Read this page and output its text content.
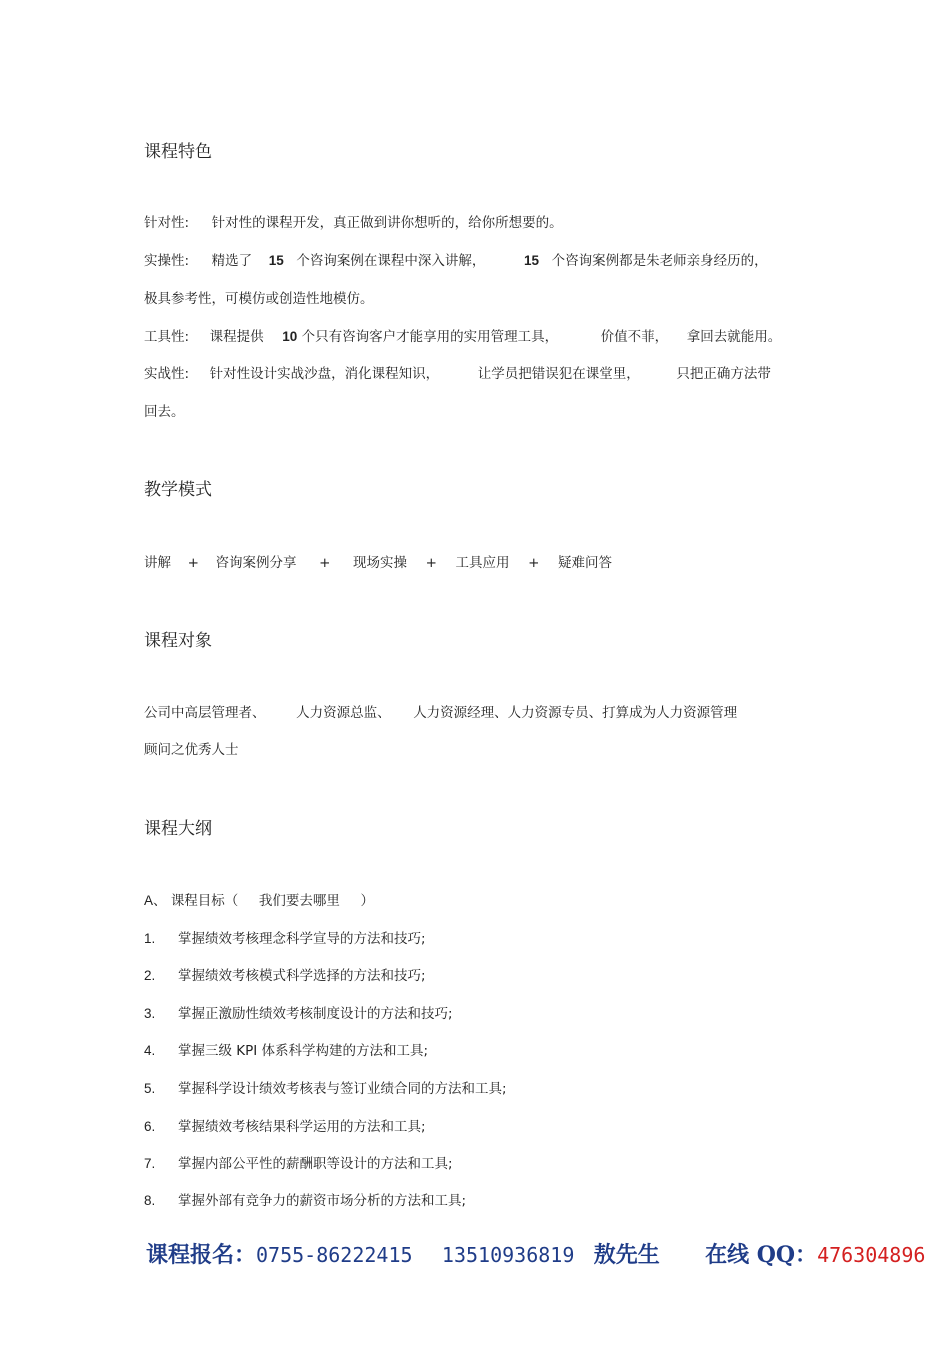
课程特色
针对性: 针对性的课程开发，真正做到讲你想听的，给你所想要的。
实操性: 精选了 15 个咨询案例在课程中深入讲解，	15 个咨询案例都是朱老师亲身经历的，
极具参考性，可模仿或创造性地模仿。
工具性: 课程提供 10 个只有咨询客户才能享用的实用管理工具，	价值不菲， 拿回去就能用。
实战性: 针对性设计实战沙盘，消化课程知识，	让学员把错误犯在课堂里，	只把正确方法带
回去。
教学模式
讲解 + 咨询案例分享 + 现场实操 + 工具应用 + 疑难问答
课程对象
公司中高层管理者、 人力资源总监、 人力资源经理、人力资源专员、打算成为人力资源管理
顾问之优秀人士
课程大纲
A、 课程目标（ 我们要去哪里 ）
1. 掌握绩效考核理念科学宣导的方法和技巧;
2. 掌握绩效考核模式科学选择的方法和技巧;
3. 掌握正激励性绩效考核制度设计的方法和技巧;
4. 掌握三级 KPI 体系科学构建的方法和工具;
5. 掌握科学设计绩效考核表与签订业绩合同的方法和工具;
6. 掌握绩效考核结果科学运用的方法和工具;
7. 掌握内部公平性的薪酬职等设计的方法和工具;
8. 掌握外部有竞争力的薪资市场分析的方法和工具;
课程报名：0755-86222415 13510936819 敖先生 在线 QQ：476304896
